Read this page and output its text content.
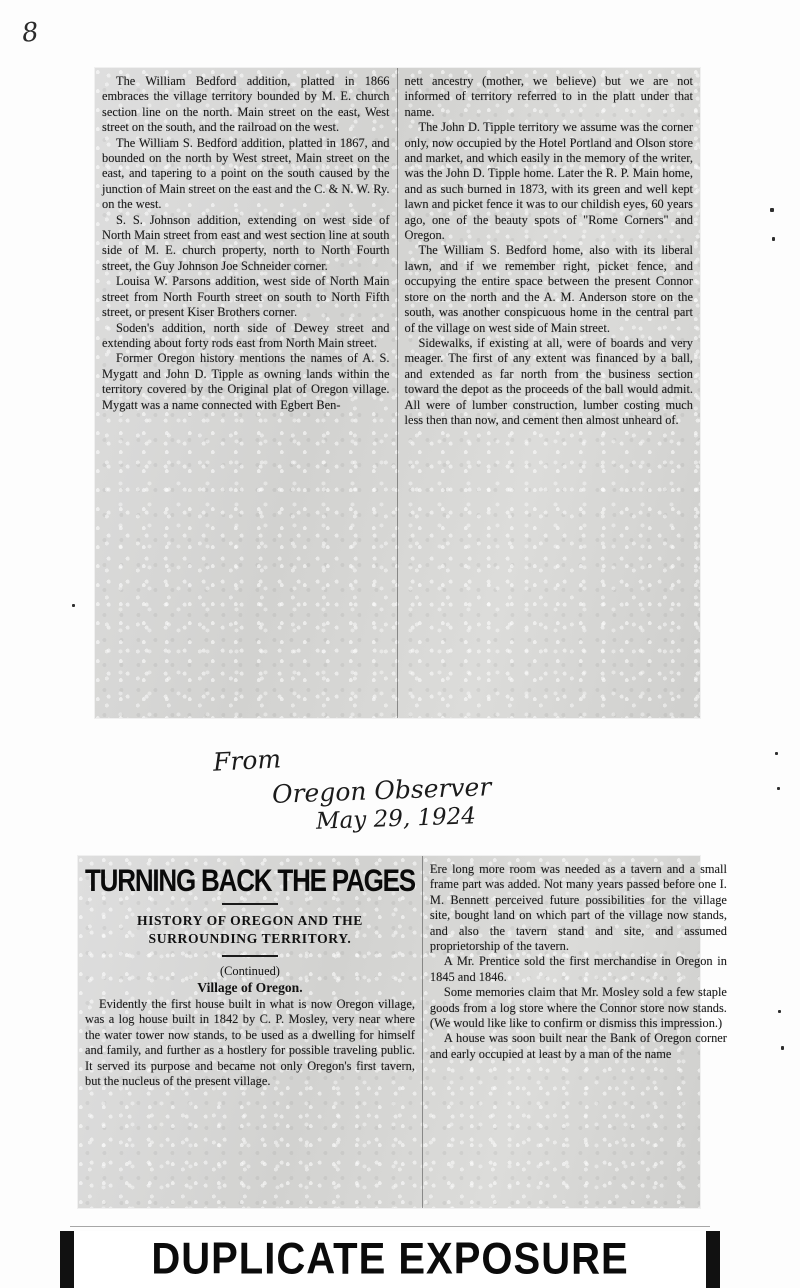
8

The William Bedford addition, platted in 1866 embraces the village territory bounded by M. E. church section line on the north. Main street on the east, West street on the south, and the railroad on the west.

The William S. Bedford addition, platted in 1867, and bounded on the north by West street, Main street on the east, and tapering to a point on the south caused by the junction of Main street on the east and the C. & N. W. Ry. on the west.

S. S. Johnson addition, extending on west side of North Main street from east and west section line at south side of M. E. church property, north to North Fourth street, the Guy Johnson Joe Schneider corner.

Louisa W. Parsons addition, west side of North Main street from North Fourth street on south to North Fifth street, or present Kiser Brothers corner.

Soden's addition, north side of Dewey street and extending about forty rods east from North Main street.

Former Oregon history mentions the names of A. S. Mygatt and John D. Tipple as owning lands within the territory covered by the Original plat of Oregon village. Mygatt was a name connected with Egbert Ben-

nett ancestry (mother, we believe) but we are not informed of territory referred to in the platt under that name.

The John D. Tipple territory we assume was the corner only, now occupied by the Hotel Portland and Olson store and market, and which easily in the memory of the writer, was the John D. Tipple home. Later the R. P. Main home, and as such burned in 1873, with its green and well kept lawn and picket fence it was to our childish eyes, 60 years ago, one of the beauty spots of "Rome Corners" and Oregon.

The William S. Bedford home, also with its liberal lawn, and if we remember right, picket fence, and occupying the entire space between the present Connor store on the north and the A. M. Anderson store on the south, was another conspicuous home in the central part of the village on west side of Main street.

Sidewalks, if existing at all, were of boards and very meager. The first of any extent was financed by a ball, and extended as far north from the business section toward the depot as the proceeds of the ball would admit. All were of lumber construction, lumber costing much less then than now, and cement then almost unheard of.

From
Oregon Observer
May 29, 1924
TURNING BACK THE PAGES
HISTORY OF OREGON AND THE
SURROUNDING TERRITORY.
(Continued)
Village of Oregon.

Evidently the first house built in what is now Oregon village, was a log house built in 1842 by C. P. Mosley, very near where the water tower now stands, to be used as a dwelling for himself and family, and further as a hostlery for possible traveling public. It served its purpose and became not only Oregon's first tavern, but the nucleus of the present village.

Ere long more room was needed as a tavern and a small frame part was added. Not many years passed before one I. M. Bennett perceived future possibilities for the village site, bought land on which part of the village now stands, and also the tavern stand and site, and assumed proprietorship of the tavern.

A Mr. Prentice sold the first merchandise in Oregon in 1845 and 1846.

Some memories claim that Mr. Mosley sold a few staple goods from a log store where the Connor store now stands. (We would like like to confirm or dismiss this impression.)

A house was soon built near the Bank of Oregon corner and early occupied at least by a man of the name

DUPLICATE EXPOSURE
